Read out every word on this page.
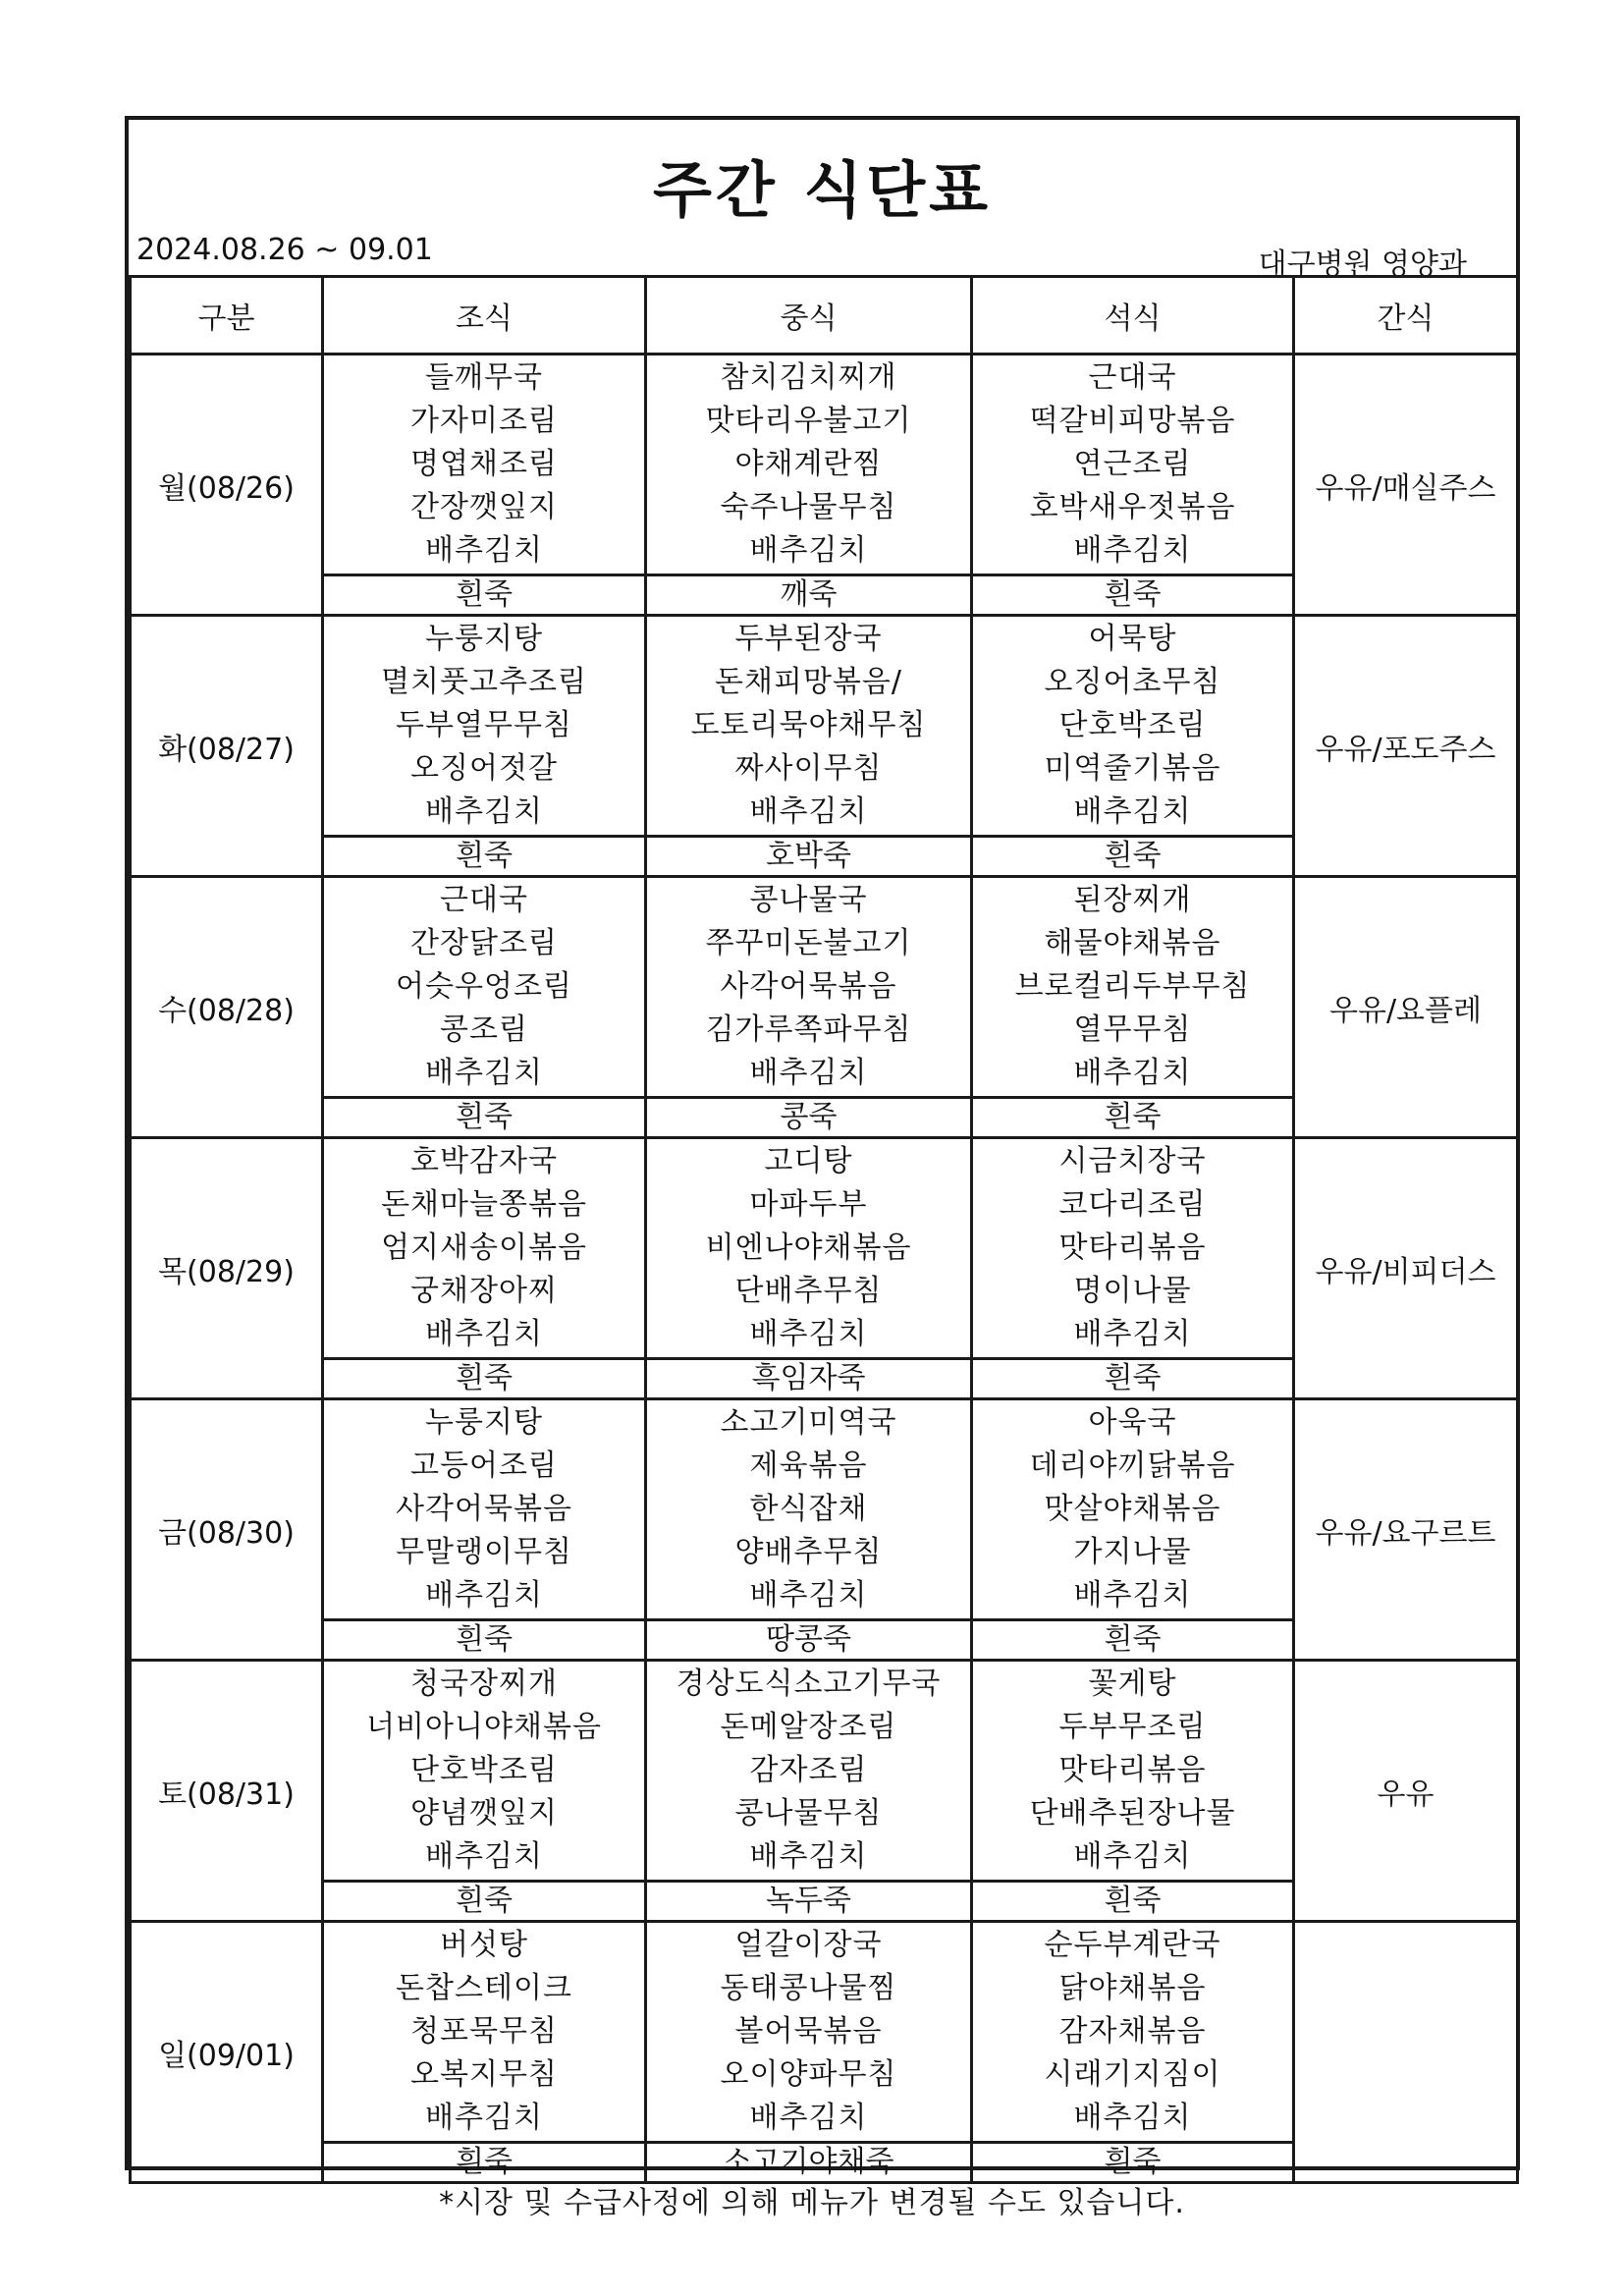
주간 식단표
2024.08.26 ~ 09.01	대구병원 영양과
구분	조식	중식	석식	간식
월(08/26)	들깨무국
가자미조림
명엽채조림
간장깻잎지
배추김치	참치김치찌개
맛타리우불고기
야채계란찜
숙주나물무침
배추김치	근대국
떡갈비피망볶음
연근조림
호박새우젓볶음
배추김치	우유/매실주스
	흰죽	깨죽	흰죽	
화(08/27)	누룽지탕
멸치풋고추조림
두부열무무침
오징어젓갈
배추김치	두부된장국
돈채피망볶음/
도토리묵야채무침
짜사이무침
배추김치	어묵탕
오징어초무침
단호박조림
미역줄기볶음
배추김치	우유/포도주스
	흰죽	호박죽	흰죽	
수(08/28)	근대국
간장닭조림
어슷우엉조림
콩조림
배추김치	콩나물국
쭈꾸미돈불고기
사각어묵볶음
김가루쪽파무침
배추김치	된장찌개
해물야채볶음
브로컬리두부무침
열무무침
배추김치	우유/요플레
	흰죽	콩죽	흰죽	
목(08/29)	호박감자국
돈채마늘쫑볶음
엄지새송이볶음
궁채장아찌
배추김치	고디탕
마파두부
비엔나야채볶음
단배추무침
배추김치	시금치장국
코다리조림
맛타리볶음
명이나물
배추김치	우유/비피더스
	흰죽	흑임자죽	흰죽	
금(08/30)	누룽지탕
고등어조림
사각어묵볶음
무말랭이무침
배추김치	소고기미역국
제육볶음
한식잡채
양배추무침
배추김치	아욱국
데리야끼닭볶음
맛살야채볶음
가지나물
배추김치	우유/요구르트
	흰죽	땅콩죽	흰죽	
토(08/31)	청국장찌개
너비아니야채볶음
단호박조림
양념깻잎지
배추김치	경상도식소고기무국
돈메알장조림
감자조림
콩나물무침
배추김치	꽃게탕
두부무조림
맛타리볶음
단배추된장나물
배추김치	우유
	흰죽	녹두죽	흰죽	
일(09/01)	버섯탕
돈찹스테이크
청포묵무침
오복지무침
배추김치	얼갈이장국
동태콩나물찜
볼어묵볶음
오이양파무침
배추김치	순두부계란국
닭야채볶음
감자채볶음
시래기지짐이
배추김치	

	흰죽	소고기야채죽	흰죽	
*시장 및 수급사정에 의해 메뉴가 변경될 수도 있습니다.
